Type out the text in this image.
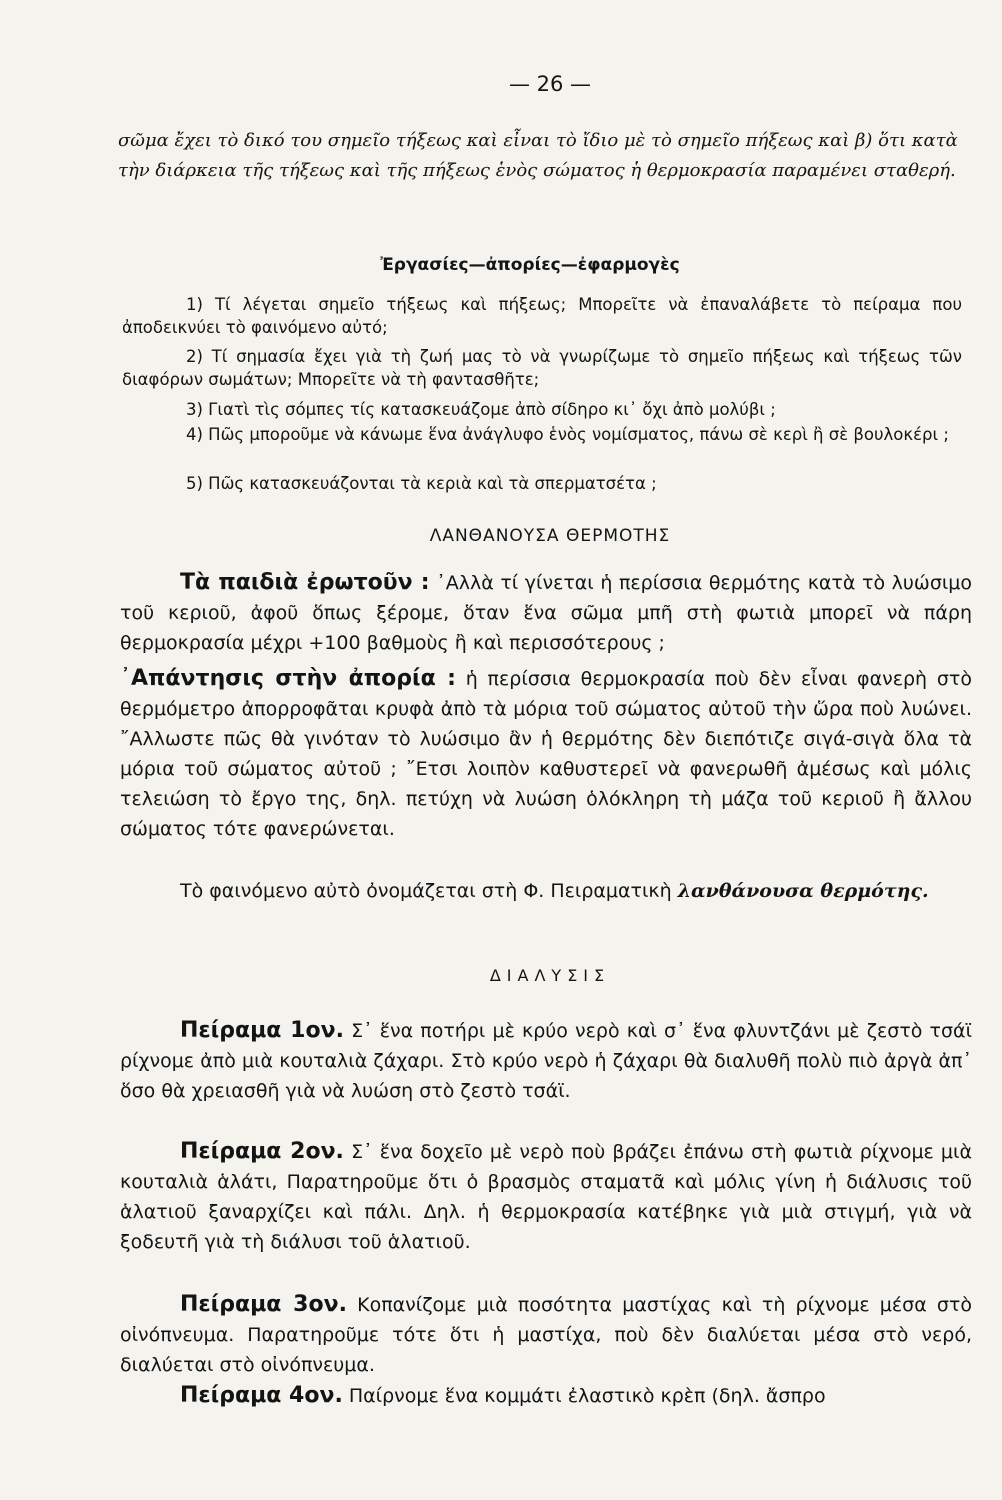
— 26 —
σῶμα ἔχει τὸ δικό του σημεῖο τήξεως καὶ εἶναι τὸ ἴδιο μὲ τὸ σημεῖο πήξεως καὶ β) ὅτι κατὰ τὴν διάρκεια τῆς τήξεως καὶ τῆς πήξεως ἑνὸς σώματος ἡ θερμοκρασία παραμένει σταθερή.
Ἐργασίες—ἀπορίες—ἐφαρμογὲς
1) Τί λέγεται σημεῖο τήξεως καὶ πήξεως; Μπορεῖτε νὰ ἐπαναλάβετε τὸ πείραμα που ἀποδεικνύει τὸ φαινόμενο αὐτό;
2) Τί σημασία ἔχει γιὰ τὴ ζωή μας τὸ νὰ γνωρίζωμε τὸ σημεῖο πήξεως καὶ τήξεως τῶν διαφόρων σωμάτων; Μπορεῖτε νὰ τὴ φαντασθῆτε;
3) Γιατὶ τὶς σόμπες τίς κατασκευάζομε ἀπὸ σίδηρο κι᾽ ὄχι ἀπὸ μολύβι ;
4) Πῶς μποροῦμε νὰ κάνωμε ἕνα ἀνάγλυφο ἑνὸς νομίσματος, πάνω σὲ κερὶ ἢ σὲ βουλοκέρι ;
5) Πῶς κατασκευάζονται τὰ κεριὰ καὶ τὰ σπερματσέτα ;
ΛΑΝΘΑΝΟΥΣΑ ΘΕΡΜΟΤΗΣ
Τὰ παιδιὰ ἐρωτοῦν : ᾽Αλλὰ τί γίνεται ἡ περίσσια θερμότης κατὰ τὸ λυώσιμο τοῦ κεριοῦ, ἀφοῦ ὅπως ξέρομε, ὅταν ἕνα σῶμα μπῆ στὴ φωτιὰ μπορεῖ νὰ πάρη θερμοκρασία μέχρι +100 βαθμοὺς ἢ καὶ περισσότερους ;
᾽Απάντησις στὴν ἀπορία : ἡ περίσσια θερμοκρασία ποὺ δὲν εἶναι φανερὴ στὸ θερμόμετρο ἀπορροφᾶται κρυφὰ ἀπὸ τὰ μόρια τοῦ σώματος αὐτοῦ τὴν ὥρα ποὺ λυώνει. ῎Αλλωστε πῶς θὰ γινόταν τὸ λυώσιμο ἂν ἡ θερμότης δὲν διεπότιζε σιγά-σιγὰ ὅλα τὰ μόρια τοῦ σώματος αὐτοῦ ; ῎Ετσι λοιπὸν καθυστερεῖ νὰ φανερωθῆ ἀμέσως καὶ μόλις τελειώση τὸ ἔργο της, δηλ. πετύχη νὰ λυώση ὁλόκληρη τὴ μάζα τοῦ κεριοῦ ἢ ἄλλου σώματος τότε φανερώνεται.
Τὸ φαινόμενο αὐτὸ ὀνομάζεται στὴ Φ. Πειραματικὴ λανθάνουσα θερμότης.
ΔΙΑΛΥΣΙΣ
Πείραμα 1ον. Σ᾽ ἕνα ποτήρι μὲ κρύο νερὸ καὶ σ᾽ ἕνα φλυντζάνι μὲ ζεστὸ τσάϊ ρίχνομε ἀπὸ μιὰ κουταλιὰ ζάχαρι. Στὸ κρύο νερὸ ἡ ζάχαρι θὰ διαλυθῆ πολὺ πιὸ ἀργὰ ἀπ᾽ ὅσο θὰ χρειασθῆ γιὰ νὰ λυώση στὸ ζεστὸ τσάϊ.
Πείραμα 2ον. Σ᾽ ἕνα δοχεῖο μὲ νερὸ ποὺ βράζει ἐπάνω στὴ φωτιὰ ρίχνομε μιὰ κουταλιὰ ἁλάτι, Παρατηροῦμε ὅτι ὁ βρασμὸς σταματᾶ καὶ μόλις γίνη ἡ διάλυσις τοῦ ἁλατιοῦ ξαναρχίζει καὶ πάλι. Δηλ. ἡ θερμοκρασία κατέβηκε γιὰ μιὰ στιγμή, γιὰ νὰ ξοδευτῆ γιὰ τὴ διάλυσι τοῦ ἁλατιοῦ.
Πείραμα 3ον. Κοπανίζομε μιὰ ποσότητα μαστίχας καὶ τὴ ρίχνομε μέσα στὸ οἰνόπνευμα. Παρατηροῦμε τότε ὅτι ἡ μαστίχα, ποὺ δὲν διαλύεται μέσα στὸ νερό, διαλύεται στὸ οἰνόπνευμα.
Πείραμα 4ον. Παίρνομε ἕνα κομμάτι ἐλαστικὸ κρὲπ (δηλ. ἄσπρο
